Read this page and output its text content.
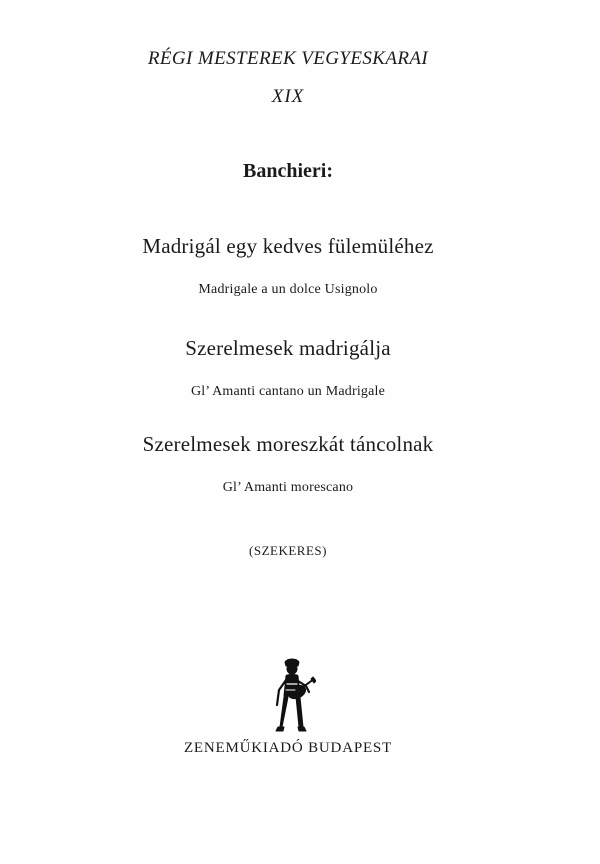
RÉGI MESTEREK VEGYESKARAI
XIX
Banchieri:
Madrigál egy kedves fülemüléhez
Madrigale a un dolce Usignolo
Szerelmesek madrigálja
Gl’ Amanti cantano un Madrigale
Szerelmesek moreszkát táncolnak
Gl’ Amanti morescano
(SZEKERES)
ZENEMŰKIADÓ BUDAPEST
